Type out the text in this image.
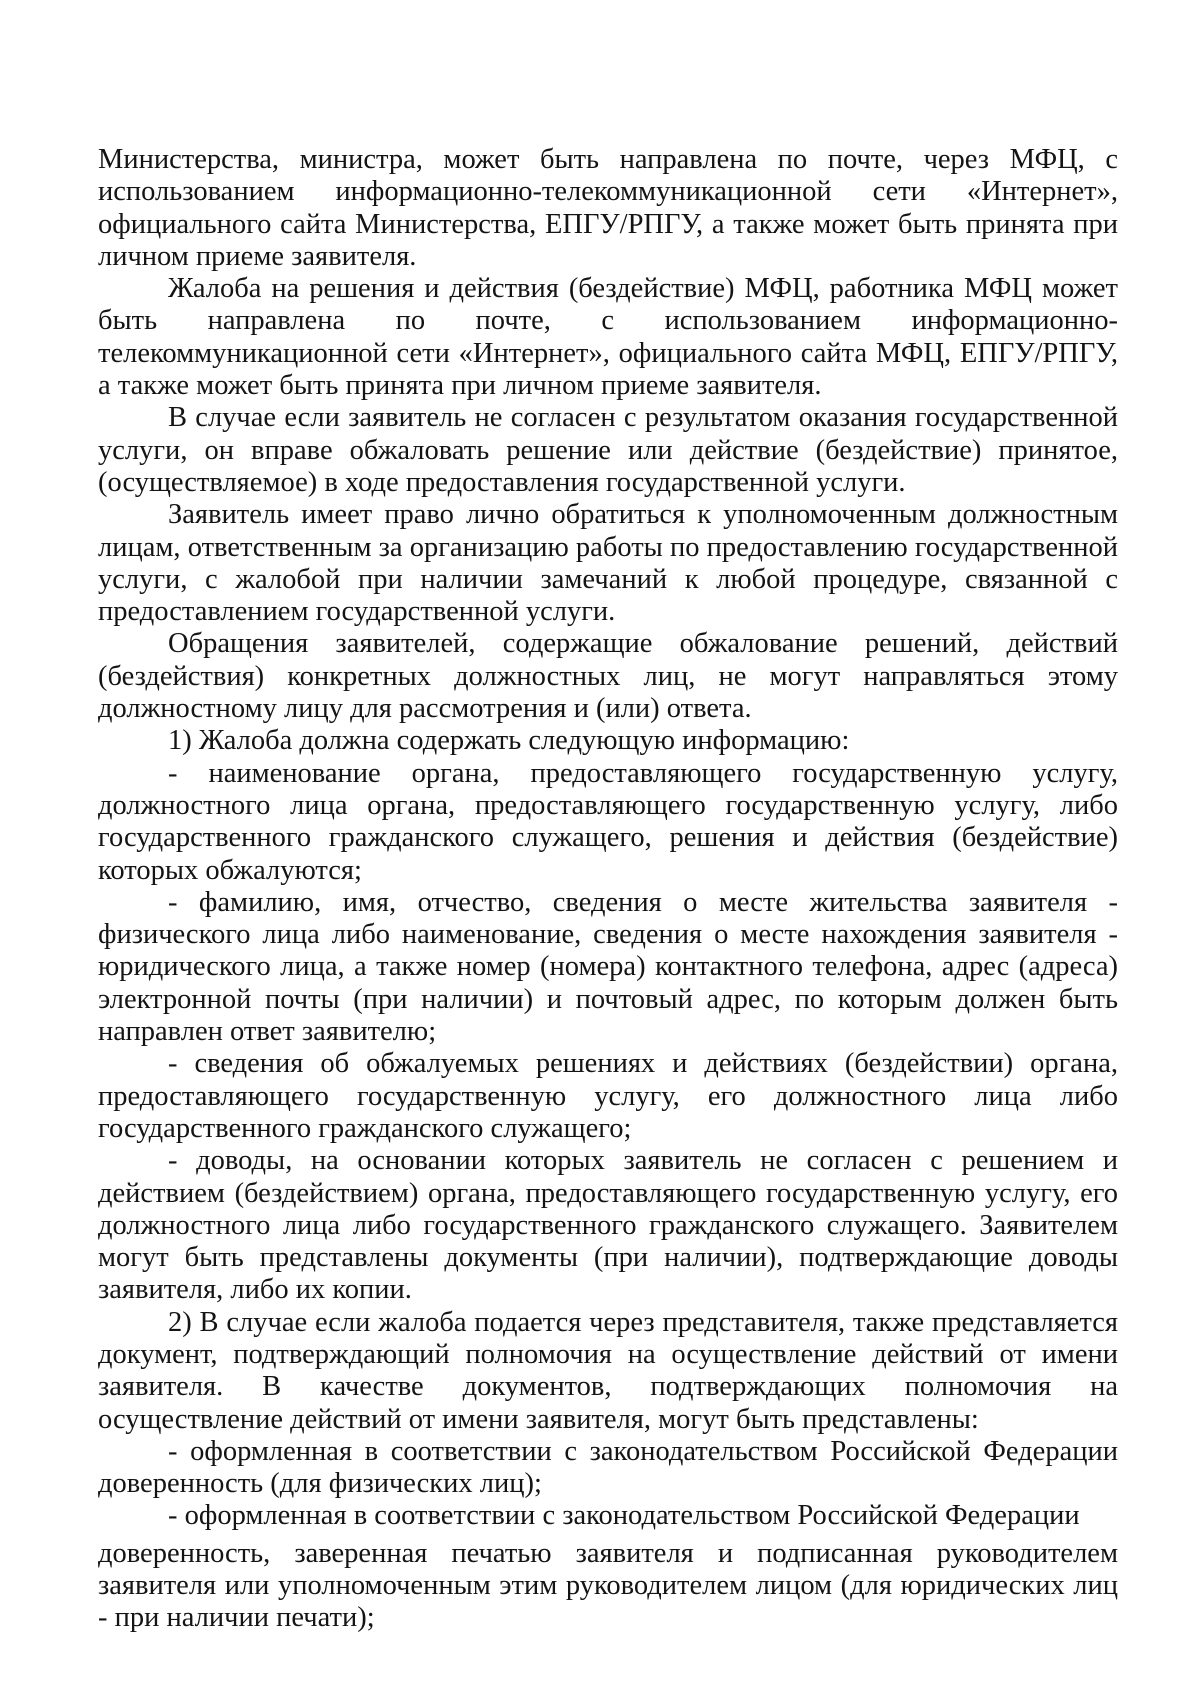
Министерства, министра, может быть направлена по почте, через МФЦ, с использованием информационно-телекоммуникационной сети «Интернет», официального сайта Министерства, ЕПГУ/РПГУ, а также может быть принята при личном приеме заявителя.

Жалоба на решения и действия (бездействие) МФЦ, работника МФЦ может быть направлена по почте, с использованием информационно-телекоммуникационной сети «Интернет», официального сайта МФЦ, ЕПГУ/РПГУ, а также может быть принята при личном приеме заявителя.

В случае если заявитель не согласен с результатом оказания государственной услуги, он вправе обжаловать решение или действие (бездействие) принятое, (осуществляемое) в ходе предоставления государственной услуги.

Заявитель имеет право лично обратиться к уполномоченным должностным лицам, ответственным за организацию работы по предоставлению государственной услуги, с жалобой при наличии замечаний к любой процедуре, связанной с предоставлением государственной услуги.

Обращения заявителей, содержащие обжалование решений, действий (бездействия) конкретных должностных лиц, не могут направляться этому должностному лицу для рассмотрения и (или) ответа.

1) Жалоба должна содержать следующую информацию:

- наименование органа, предоставляющего государственную услугу, должностного лица органа, предоставляющего государственную услугу, либо государственного гражданского служащего, решения и действия (бездействие) которых обжалуются;

- фамилию, имя, отчество, сведения о месте жительства заявителя - физического лица либо наименование, сведения о месте нахождения заявителя - юридического лица, а также номер (номера) контактного телефона, адрес (адреса) электронной почты (при наличии) и почтовый адрес, по которым должен быть направлен ответ заявителю;

- сведения об обжалуемых решениях и действиях (бездействии) органа, предоставляющего государственную услугу, его должностного лица либо государственного гражданского служащего;

- доводы, на основании которых заявитель не согласен с решением и действием (бездействием) органа, предоставляющего государственную услугу, его должностного лица либо государственного гражданского служащего. Заявителем могут быть представлены документы (при наличии), подтверждающие доводы заявителя, либо их копии.

2) В случае если жалоба подается через представителя, также представляется документ, подтверждающий полномочия на осуществление действий от имени заявителя. В качестве документов, подтверждающих полномочия на осуществление действий от имени заявителя, могут быть представлены:

- оформленная в соответствии с законодательством Российской Федерации доверенность (для физических лиц);

- оформленная в соответствии с законодательством Российской Федерации

доверенность, заверенная печатью заявителя и подписанная руководителем заявителя или уполномоченным этим руководителем лицом (для юридических лиц - при наличии печати);
